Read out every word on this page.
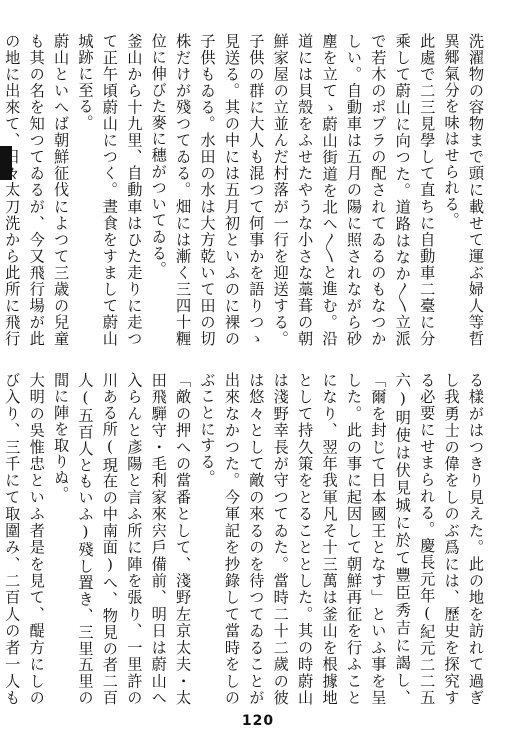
洗濯物の容物まで頭に載せて運ぶ婦人等哲異郷氣分を味はせられる。
此處で二三見學して直ちに自動車二臺に分乘して蔚山に向つた。道路はなか〱立派で若木のポプラの配されてゐるのもなつかしい。自動車は五月の陽に照されながら砂塵を立てゝ蔚山街道を北へ〱と進む。沿道には貝殼をふせたやうな小さな藁葺の朝鮮家屋の立並んだ村落が一行を迎送する。子供の群に大人も混つて何事かを語りつゝ見送る。其の中には五月初といふのに裸の子供もゐる。水田の水は大方乾いて田の切株だけが殘つてゐる。畑には漸く三四十糎位に伸びた麥に穗がついてゐる。
釜山から十九里、自動車はひた走りに走つて正午頃蔚山につく。晝食をすまして蔚山城跡に至る。
蔚山といへば朝鮮征伐によつて三歳の兒童も其の名を知つてゐるが、今又飛行場が此の地に出來て、日々太刀洗から此所に飛行
る樣がはつきり見えた。此の地を訪れて過ぎし我勇士の偉をしのぶ爲には、歷史を探究する必要にせまられる。慶長元年(紀元二二五六)明使は伏見城に於て豐臣秀吉に謁し、「爾を封じて日本國王となす」といふ事を呈した。此の事に起因して朝鮮再征を行ふことになり、翌年我軍凡そ十三萬は釜山を根據地として持久策をとることとした。其の時蔚山は淺野幸長が守つてゐた。當時二十二歲の彼は悠々として敵の來るのを待つてゐることが出來なかつた。今軍記を抄錄して當時をしのぶことにする。
「敵の押への當番として、淺野左京太夫・太田飛騨守・毛利家來宍戶備前、明日は蔚山へ入らんと彥陽と言ふ所に陣を張り、一里許の川ある所(現在の中南面)へ、物見の者二百人(五百人ともいふ)殘し置き、三里五里の間に陣を取りぬ。
大明の吳惟忠といふ者是を見て、醍方にしのび入り、三千にて取圍み、二百人の者一人も
120
